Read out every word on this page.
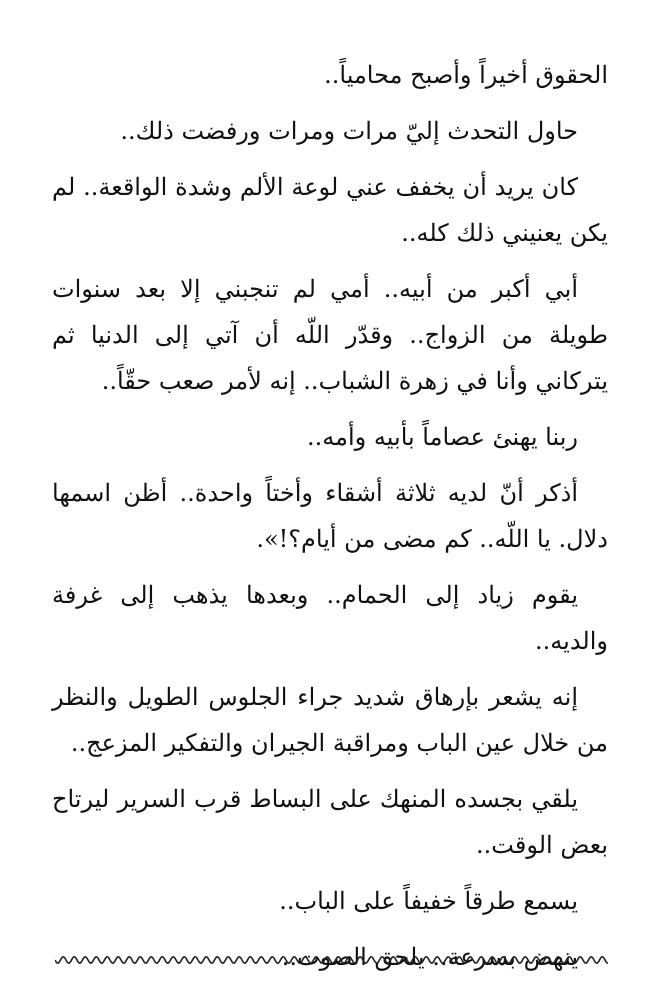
الحقوق أخيراً وأصبح محامياً..

حاول التحدث إليّ مرات ومرات ورفضت ذلك..

كان يريد أن يخفف عني لوعة الألم وشدة الواقعة.. لم يكن يعنيني ذلك كله..

أبي أكبر من أبيه.. أمي لم تنجبني إلا بعد سنوات طويلة من الزواج.. وقدّر اللّه أن آتي إلى الدنيا ثم يتركاني وأنا في زهرة الشباب.. إنه لأمر صعب حقّاً..

ربنا يهنئ عصاماً بأبيه وأمه..

أذكر أنّ لديه ثلاثة أشقاء وأختاً واحدة.. أظن اسمها دلال. يا اللّه.. كم مضى من أيام؟!».

يقوم زياد إلى الحمام.. وبعدها يذهب إلى غرفة والديه..

إنه يشعر بإرهاق شديد جراء الجلوس الطويل والنظر من خلال عين الباب ومراقبة الجيران والتفكير المزعج..

يلقي بجسده المنهك على البساط قرب السرير ليرتاح بعض الوقت..

يسمع طرقاً خفيفاً على الباب..

ينهض بسرعة.. يلحق الصوت..
